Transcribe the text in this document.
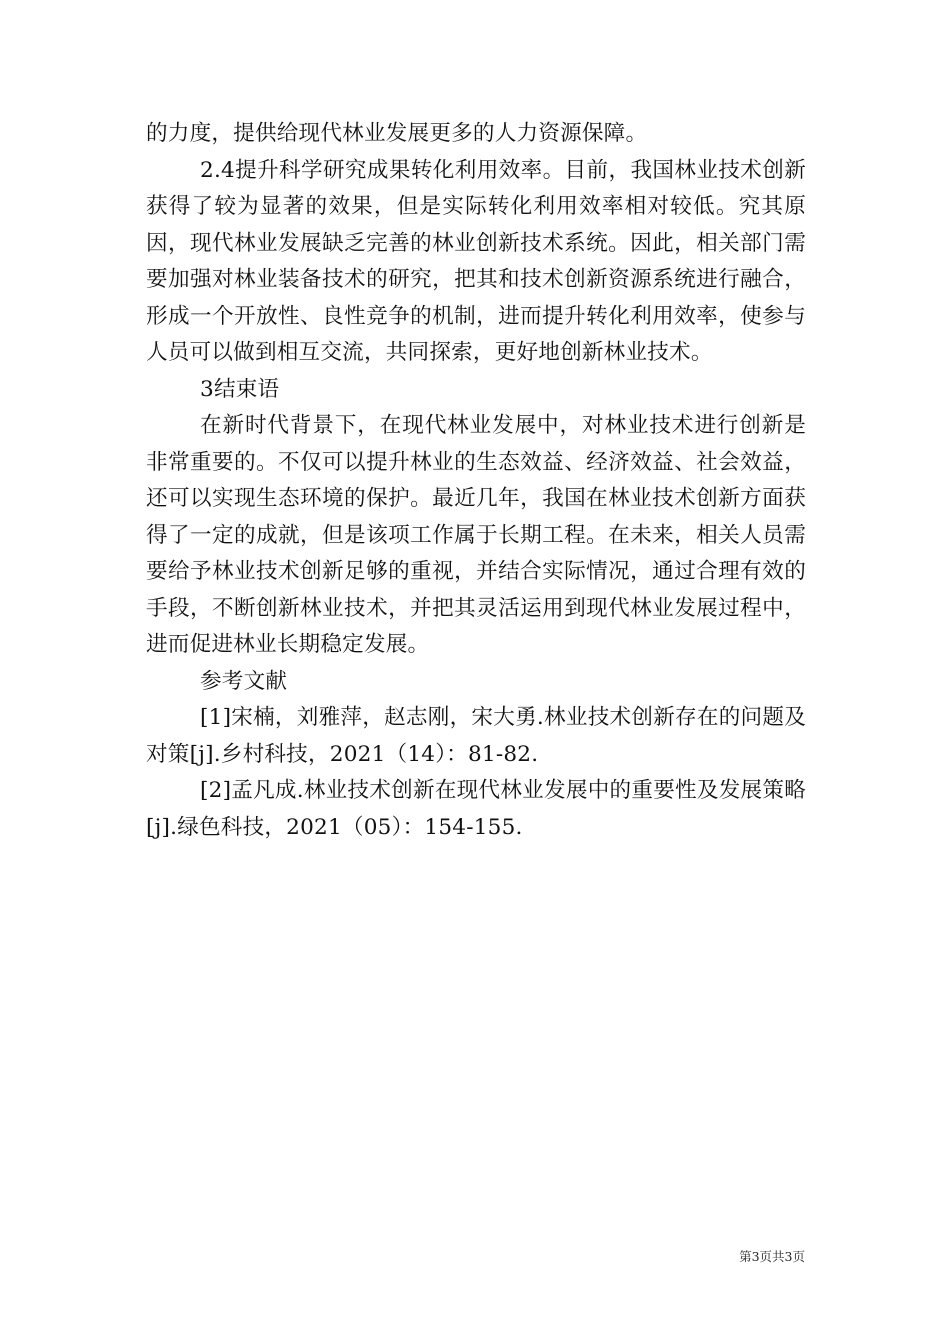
的力度，提供给现代林业发展更多的人力资源保障。

2.4提升科学研究成果转化利用效率。目前，我国林业技术创新获得了较为显著的效果，但是实际转化利用效率相对较低。究其原因，现代林业发展缺乏完善的林业创新技术系统。因此，相关部门需要加强对林业装备技术的研究，把其和技术创新资源系统进行融合，形成一个开放性、良性竞争的机制，进而提升转化利用效率，使参与人员可以做到相互交流，共同探索，更好地创新林业技术。

3结束语

在新时代背景下，在现代林业发展中，对林业技术进行创新是非常重要的。不仅可以提升林业的生态效益、经济效益、社会效益，还可以实现生态环境的保护。最近几年，我国在林业技术创新方面获得了一定的成就，但是该项工作属于长期工程。在未来，相关人员需要给予林业技术创新足够的重视，并结合实际情况，通过合理有效的手段，不断创新林业技术，并把其灵活运用到现代林业发展过程中，进而促进林业长期稳定发展。

参考文献

[1]宋楠，刘雅萍，赵志刚，宋大勇.林业技术创新存在的问题及对策[j].乡村科技，2021（14）：81-82.

[2]孟凡成.林业技术创新在现代林业发展中的重要性及发展策略[j].绿色科技，2021（05）：154-155.

第3页共3页
